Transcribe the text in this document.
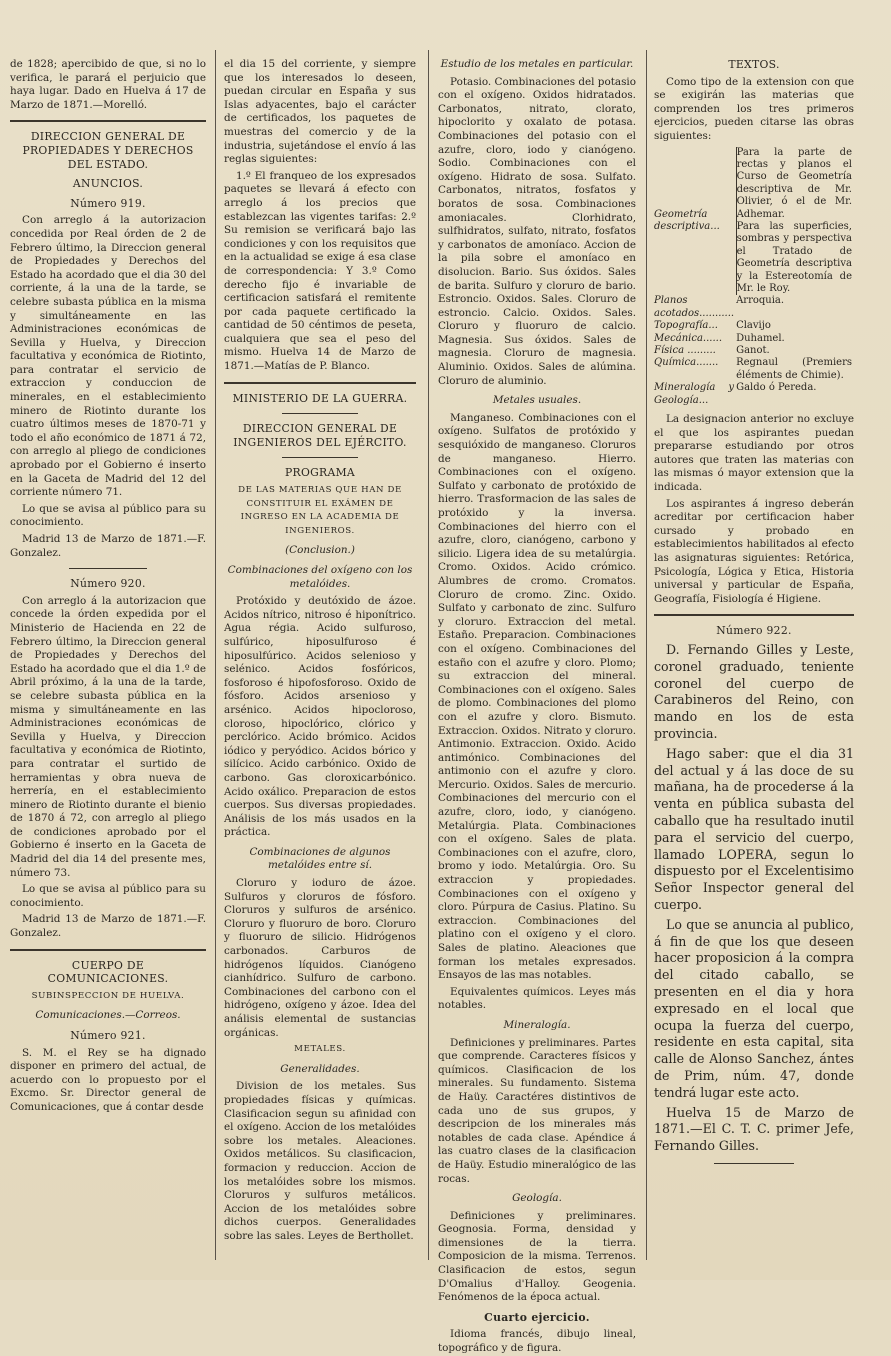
de 1828; apercibido de que, si no lo verifica, le parará el perjuicio que haya lugar. Dado en Huelva á 17 de Marzo de 1871.—Morelló.

DIRECCION GENERAL DE PROPIEDADES Y DERECHOS DEL ESTADO.
ANUNCIOS.
Número 919.

Con arreglo á la autorizacion concedida por Real órden de 2 de Febrero último, la Direccion general de Propiedades y Derechos del Estado ha acordado que el dia 30 del corriente, á la una de la tarde, se celebre subasta pública en la misma y simultáneamente en las Administraciones económicas de Sevilla y Huelva, y Direccion facultativa y económica de Riotinto, para contratar el servicio de extraccion y conduccion de minerales, en el establecimiento minero de Riotinto durante los cuatro últimos meses de 1870-71 y todo el año económico de 1871 á 72, con arreglo al pliego de condiciones aprobado por el Gobierno é inserto en la Gaceta de Madrid del 12 del corriente número 71.

Lo que se avisa al público para su conocimiento.

Madrid 13 de Marzo de 1871.—F. Gonzalez.

Número 920.

Con arreglo á la autorizacion que concede la órden expedida por el Ministerio de Hacienda en 22 de Febrero último, la Direccion general de Propiedades y Derechos del Estado ha acordado que el dia 1.º de Abril próximo, á la una de la tarde, se celebre subasta pública en la misma y simultáneamente en las Administraciones económicas de Sevilla y Huelva, y Direccion facultativa y económica de Riotinto, para contratar el surtido de herramientas y obra nueva de herrería, en el establecimiento minero de Riotinto durante el bienio de 1870 á 72, con arreglo al pliego de condiciones aprobado por el Gobierno é inserto en la Gaceta de Madrid del dia 14 del presente mes, número 73.

Lo que se avisa al público para su conocimiento.

Madrid 13 de Marzo de 1871.—F. Gonzalez.

CUERPO DE COMUNICACIONES.
SUBINSPECCION DE HUELVA.
Comunicaciones.—Correos.
Número 921.

S. M. el Rey se ha dignado disponer en primero del actual, de acuerdo con lo propuesto por el Excmo. Sr. Director general de Comunicaciones, que á contar desde

el dia 15 del corriente, y siempre que los interesados lo deseen, puedan circular en España y sus Islas adyacentes, bajo el carácter de certificados, los paquetes de muestras del comercio y de la industria, sujetándose el envío á las reglas siguientes:

1.º El franqueo de los expresados paquetes se llevará á efecto con arreglo á los precios que establezcan las vigentes tarifas: 2.º Su remision se verificará bajo las condiciones y con los requisitos que en la actualidad se exige á esa clase de correspondencia: Y 3.º Como derecho fijo é invariable de certificacion satisfará el remitente por cada paquete certificado la cantidad de 50 céntimos de peseta, cualquiera que sea el peso del mismo. Huelva 14 de Marzo de 1871.—Matías de P. Blanco.

MINISTERIO DE LA GUERRA.
DIRECCION GENERAL DE INGENIEROS DEL EJÉRCITO.
PROGRAMA
DE LAS MATERIAS QUE HAN DE CONSTITUIR EL EXÁMEN DE INGRESO EN LA ACADEMIA DE INGENIEROS.
(Conclusion.)
Combinaciones del oxígeno con los metalóides.

Protóxido y deutóxido de ázoe. Acidos nítrico, nitroso é hiponítrico. Agua régia. Acido sulfuroso, sulfúrico, hiposulfuroso é hiposulfúrico. Acidos selenioso y selénico. Acidos fosfóricos, fosforoso é hipofosforoso. Oxido de fósforo. Acidos arsenioso y arsénico. Acidos hipocloroso, cloroso, hipoclórico, clórico y perclórico. Acido brómico. Acidos iódico y peryódico. Acidos bórico y silícico. Acido carbónico. Oxido de carbono. Gas cloroxicarbónico. Acido oxálico. Preparacion de estos cuerpos. Sus diversas propiedades. Análisis de los más usados en la práctica.

Combinaciones de algunos metalóides entre sí.

Cloruro y ioduro de ázoe. Sulfuros y cloruros de fósforo. Cloruros y sulfuros de arsénico. Cloruro y fluoruro de boro. Cloruro y fluoruro de silicio. Hidrógenos carbonados. Carburos de hidrógenos líquidos. Cianógeno cianhídrico. Sulfuro de carbono. Combinaciones del carbono con el hidrógeno, oxígeno y ázoe. Idea del análisis elemental de sustancias orgánicas.

METALES.
Generalidades.

Division de los metales. Sus propiedades físicas y químicas. Clasificacion segun su afinidad con el oxígeno. Accion de los metalóides sobre los metales. Aleaciones. Oxidos metálicos. Su clasificacion, formacion y reduccion. Accion de los metalóides sobre los mismos. Cloruros y sulfuros metálicos. Accion de los metalóides sobre dichos cuerpos. Generalidades sobre las sales. Leyes de Berthollet.

Estudio de los metales en particular.

Potasio. Combinaciones del potasio con el oxígeno. Oxidos hidratados. Carbonatos, nitrato, clorato, hipoclorito y oxalato de potasa. Combinaciones del potasio con el azufre, cloro, iodo y cianógeno. Sodio. Combinaciones con el oxígeno. Hidrato de sosa. Sulfato. Carbonatos, nitratos, fosfatos y boratos de sosa. Combinaciones amoniacales. Clorhidrato, sulfhidratos, sulfato, nitrato, fosfatos y carbonatos de amoníaco. Accion de la pila sobre el amoníaco en disolucion. Bario. Sus óxidos. Sales de barita. Sulfuro y cloruro de bario. Estroncio. Oxidos. Sales. Cloruro de estroncio. Calcio. Oxidos. Sales. Cloruro y fluoruro de calcio. Magnesia. Sus óxidos. Sales de magnesia. Cloruro de magnesia. Aluminio. Oxidos. Sales de alúmina. Cloruro de aluminio.

Metales usuales.

Manganeso. Combinaciones con el oxígeno. Sulfatos de protóxido y sesquióxido de manganeso. Cloruros de manganeso. Hierro. Combinaciones con el oxígeno. Sulfato y carbonato de protóxido de hierro. Trasformacion de las sales de protóxido y la inversa. Combinaciones del hierro con el azufre, cloro, cianógeno, carbono y silicio. Ligera idea de su metalúrgia. Cromo. Oxidos. Acido crómico. Alumbres de cromo. Cromatos. Cloruro de cromo. Zinc. Oxido. Sulfato y carbonato de zinc. Sulfuro y cloruro. Extraccion del metal. Estaño. Preparacion. Combinaciones con el oxígeno. Combinaciones del estaño con el azufre y cloro. Plomo; su extraccion del mineral. Combinaciones con el oxígeno. Sales de plomo. Combinaciones del plomo con el azufre y cloro. Bismuto. Extraccion. Oxidos. Nitrato y cloruro. Antimonio. Extraccion. Oxido. Acido antimónico. Combinaciones del antimonio con el azufre y cloro. Mercurio. Oxidos. Sales de mercurio. Combinaciones del mercurio con el azufre, cloro, iodo, y cianógeno. Metalúrgia. Plata. Combinaciones con el oxígeno. Sales de plata. Combinaciones con el azufre, cloro, bromo y iodo. Metalúrgia. Oro. Su extraccion y propiedades. Combinaciones con el oxígeno y cloro. Púrpura de Casius. Platino. Su extraccion. Combinaciones del platino con el oxígeno y el cloro. Sales de platino. Aleaciones que forman los metales expresados. Ensayos de las mas notables.

Equivalentes químicos. Leyes más notables.

Mineralogía.

Definiciones y preliminares. Partes que comprende. Caracteres físicos y químicos. Clasificacion de los minerales. Su fundamento. Sistema de Haüy. Caractéres distintivos de cada uno de sus grupos, y descripcion de los minerales más notables de cada clase. Apéndice á las cuatro clases de la clasificacion de Haüy. Estudio mineralógico de las rocas.

Geología.

Definiciones y preliminares. Geognosia. Forma, densidad y dimensiones de la tierra. Composicion de la misma. Terrenos. Clasificacion de estos, segun D'Omalius d'Halloy. Geogenia. Fenómenos de la época actual.

Cuarto ejercicio.

Idioma francés, dibujo lineal, topográfico y de figura.

TEXTOS.

Como tipo de la extension con que se exigirán las materias que comprenden los tres primeros ejercicios, pueden citarse las obras siguientes:

Geometría descriptiva...	Para la parte de rectas y planos el Curso de Geometría descriptiva de Mr. Olivier, ó el de Mr. Adhemar.
Para las superficies, sombras y perspectiva el Tratado de Geometría descriptiva y la Estereotomía de Mr. le Roy.

Planos acotados...........	Arroquia.
Topografía...	Clavijo
Mecánica......	Duhamel.
Física .........	Ganot.
Química.......	Regnaul (Premiers éléments de Chimie).
Mineralogía y Geología...	Galdo ó Pereda.

La designacion anterior no excluye el que los aspirantes puedan prepararse estudiando por otros autores que traten las materias con las mismas ó mayor extension que la indicada.

Los aspirantes á ingreso deberán acreditar por certificacion haber cursado y probado en establecimientos habilitados al efecto las asignaturas siguientes: Retórica, Psicología, Lógica y Etica, Historia universal y particular de España, Geografía, Fisiología é Higiene.

Número 922.

D. Fernando Gilles y Leste, coronel graduado, teniente coronel del cuerpo de Carabineros del Reino, con mando en los de esta provincia.

Hago saber: que el dia 31 del actual y á las doce de su mañana, ha de procederse á la venta en pública subasta del caballo que ha resultado inutil para el servicio del cuerpo, llamado LOPERA, segun lo dispuesto por el Excelentisimo Señor Inspector general del cuerpo.

Lo que se anuncia al publico, á fin de que los que deseen hacer proposicion á la compra del citado caballo, se presenten en el dia y hora expresado en el local que ocupa la fuerza del cuerpo, residente en esta capital, sita calle de Alonso Sanchez, ántes de Prim, núm. 47, donde tendrá lugar este acto.

Huelva 15 de Marzo de 1871.—El C. T. C. primer Jefe, Fernando Gilles.
